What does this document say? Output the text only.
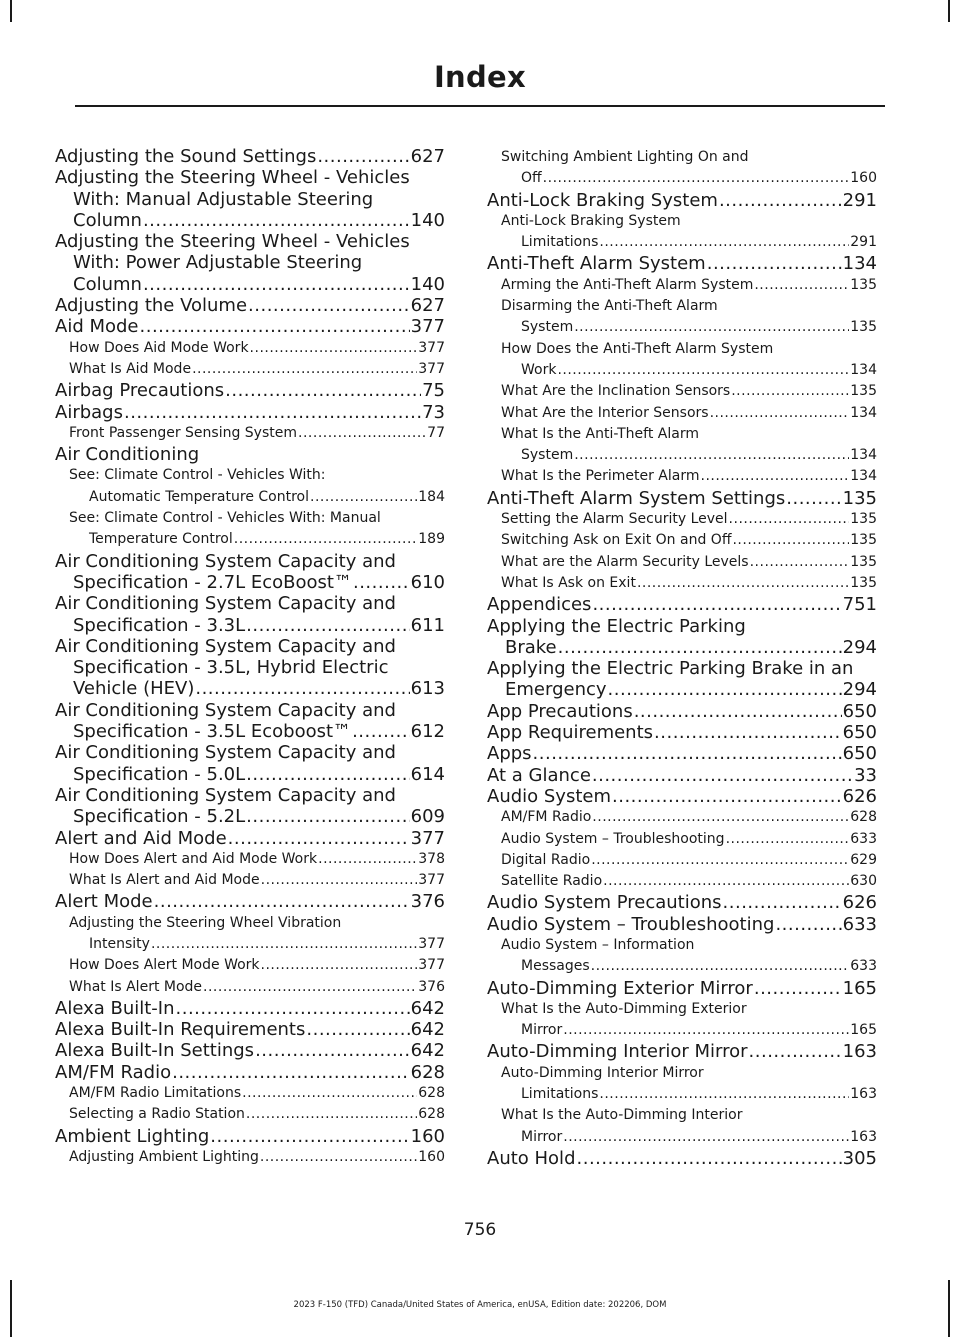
Index
Adjusting the Sound Settings .....	627
Adjusting the Steering Wheel - Vehicles
With: Manual Adjustable Steering
Column .....	140
Adjusting the Steering Wheel - Vehicles
With: Power Adjustable Steering
Column .....	140
Adjusting the Volume .....	627
Aid Mode .....	377
How Does Aid Mode Work .....	377
What Is Aid Mode .....	377
Airbag Precautions .....	75
Airbags .....	73
Front Passenger Sensing System .....	77
Air Conditioning
See: Climate Control - Vehicles With:
Automatic Temperature Control .....	184
See: Climate Control - Vehicles With: Manual
Temperature Control .....	189
Air Conditioning System Capacity and
Specification - 2.7L EcoBoost™ .....	610
Air Conditioning System Capacity and
Specification - 3.3L .....	611
Air Conditioning System Capacity and
Specification - 3.5L, Hybrid Electric
Vehicle (HEV) .....	613
Air Conditioning System Capacity and
Specification - 3.5L Ecoboost™ .....	612
Air Conditioning System Capacity and
Specification - 5.0L .....	614
Air Conditioning System Capacity and
Specification - 5.2L .....	609
Alert and Aid Mode .....	377
How Does Alert and Aid Mode Work .....	378
What Is Alert and Aid Mode .....	377
Alert Mode .....	376
Adjusting the Steering Wheel Vibration
Intensity .....	377
How Does Alert Mode Work .....	377
What Is Alert Mode .....	376
Alexa Built-In .....	642
Alexa Built-In Requirements .....	642
Alexa Built-In Settings .....	642
AM/FM Radio .....	628
AM/FM Radio Limitations .....	628
Selecting a Radio Station .....	628
Ambient Lighting .....	160
Adjusting Ambient Lighting .....	160
Switching Ambient Lighting On and
Off .....	160
Anti-Lock Braking System .....	291
Anti-Lock Braking System
Limitations .....	291
Anti-Theft Alarm System .....	134
Arming the Anti-Theft Alarm System .....	135
Disarming the Anti-Theft Alarm
System .....	135
How Does the Anti-Theft Alarm System
Work .....	134
What Are the Inclination Sensors .....	135
What Are the Interior Sensors .....	134
What Is the Anti-Theft Alarm
System .....	134
What Is the Perimeter Alarm .....	134
Anti-Theft Alarm System Settings .....	135
Setting the Alarm Security Level .....	135
Switching Ask on Exit On and Off .....	135
What are the Alarm Security Levels .....	135
What Is Ask on Exit .....	135
Appendices .....	751
Applying the Electric Parking
Brake .....	294
Applying the Electric Parking Brake in an
Emergency .....	294
App Precautions .....	650
App Requirements .....	650
Apps .....	650
At a Glance .....	33
Audio System .....	626
AM/FM Radio .....	628
Audio System – Troubleshooting .....	633
Digital Radio .....	629
Satellite Radio .....	630
Audio System Precautions .....	626
Audio System – Troubleshooting .....	633
Audio System – Information
Messages .....	633
Auto-Dimming Exterior Mirror .....	165
What Is the Auto-Dimming Exterior
Mirror .....	165
Auto-Dimming Interior Mirror .....	163
Auto-Dimming Interior Mirror
Limitations .....	163
What Is the Auto-Dimming Interior
Mirror .....	163
Auto Hold .....	305
756
2023 F-150 (TFD) Canada/United States of America, enUSA, Edition date: 202206, DOM
